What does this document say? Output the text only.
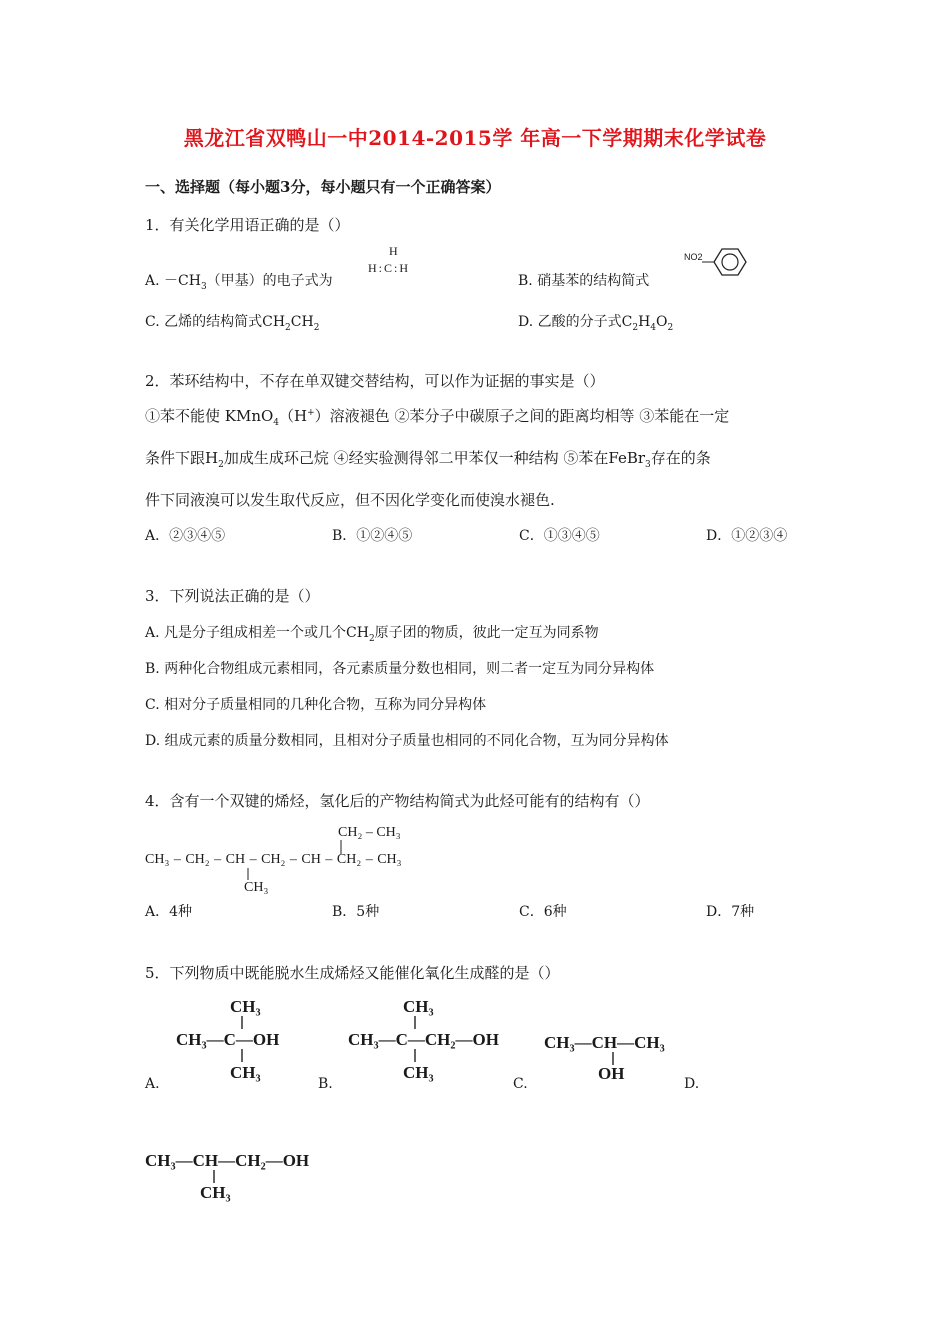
黑龙江省双鸭山一中2014-2015学 年高一下学期期末化学试卷
一、选择题（每小题3分，每小题只有一个正确答案）
1．有关化学用语正确的是（）
A. $-CH_3$（甲基）的电子式为
H
H:C:H
B. 硝基苯的结构简式
NO2
C. 乙烯的结构简式$CH_2CH_2$	D. 乙酸的分子式$C_2H_4O_2$
2．苯环结构中，不存在单双键交替结构，可以作为证据的事实是（）
①苯不能使 KMnO$_4$（H+）溶液褪色 ②苯分子中碳原子之间的距离均相等 ③苯能在一定
条件下跟$H_2$加成生成环己烷 ④经实验测得邻二甲苯仅一种结构 ⑤苯在FeBr$_3$存在的条
件下同液溴可以发生取代反应，但不因化学变化而使溴水褪色.
A．②③④⑤	B．①②④⑤	C．①③④⑤	D．①②③④
3．下列说法正确的是（）
A. 凡是分子组成相差一个或几个$CH_2$原子团的物质，彼此一定互为同系物
B. 两种化合物组成元素相同，各元素质量分数也相同，则二者一定互为同分异构体
C. 相对分子质量相同的几种化合物，互称为同分异构体
D. 组成元素的质量分数相同，且相对分子质量也相同的不同化合物，互为同分异构体
4．含有一个双键的烯烃，氢化后的产物结构简式为此烃可能有的结构有（）
CH₂ – CH₃
CH₃ – CH₂ – CH – CH₂ – CH – CH₂ – CH₃
CH₃
A．4种	B．5种	C．6种	D．7种
5．下列物质中既能脱水生成烯烃又能催化氧化生成醛的是（）
CH₃
CH₃—C—OH
CH₃
CH₃
CH₃—C—CH₂—OH
CH₃
CH₃—CH—CH₃
OH
A.	B.	C.	D.
CH₃—CH—CH₂—OH
CH₃
